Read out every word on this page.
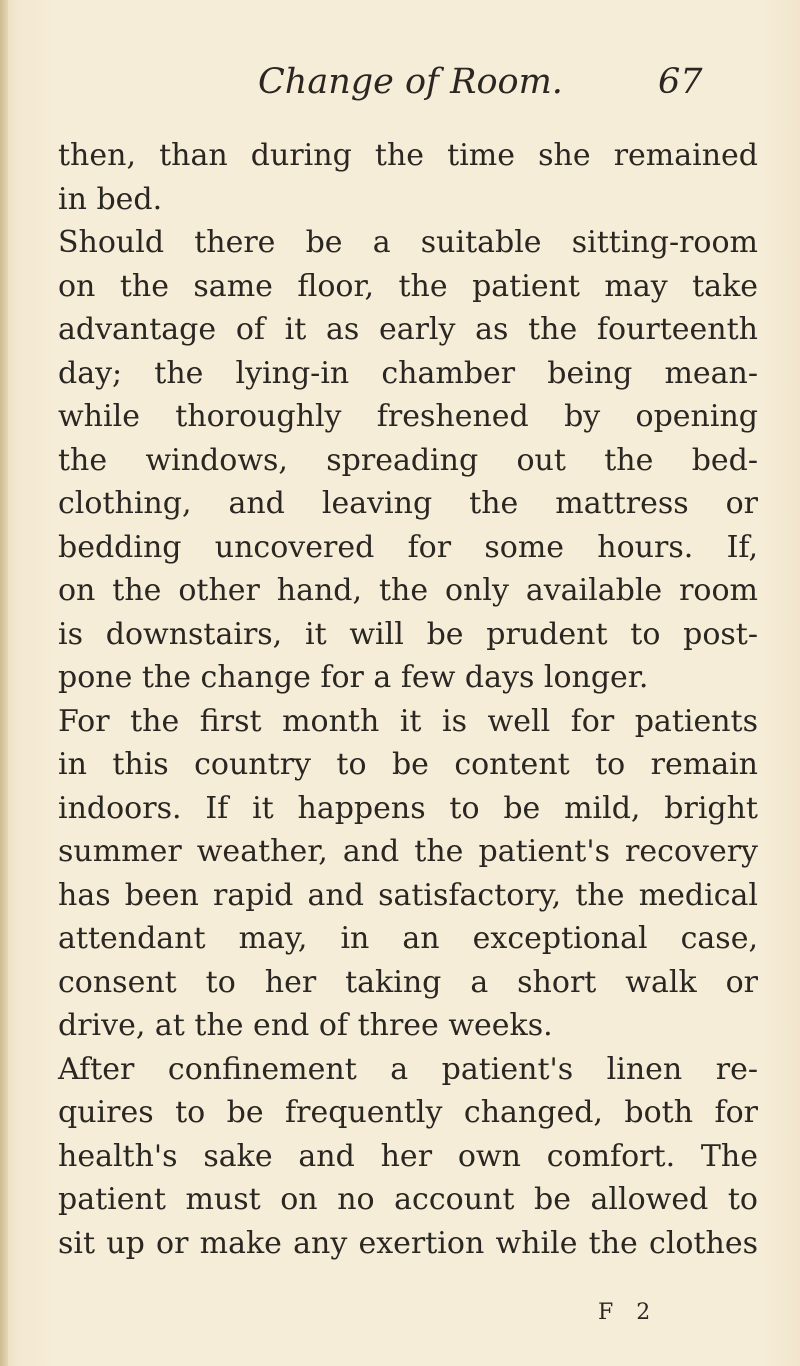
Change of Room.	67
then, than during the time she remained
in bed.
Should there be a suitable sitting-room
on the same floor, the patient may take
advantage of it as early as the fourteenth
day; the lying-in chamber being mean-
while thoroughly freshened by opening
the windows, spreading out the bed-
clothing, and leaving the mattress or
bedding uncovered for some hours. If,
on the other hand, the only available room
is downstairs, it will be prudent to post-
pone the change for a few days longer.
For the first month it is well for patients
in this country to be content to remain
indoors. If it happens to be mild, bright
summer weather, and the patient's recovery
has been rapid and satisfactory, the medical
attendant may, in an exceptional case,
consent to her taking a short walk or
drive, at the end of three weeks.
After confinement a patient's linen re-
quires to be frequently changed, both for
health's sake and her own comfort. The
patient must on no account be allowed to
sit up or make any exertion while the clothes
F 2
